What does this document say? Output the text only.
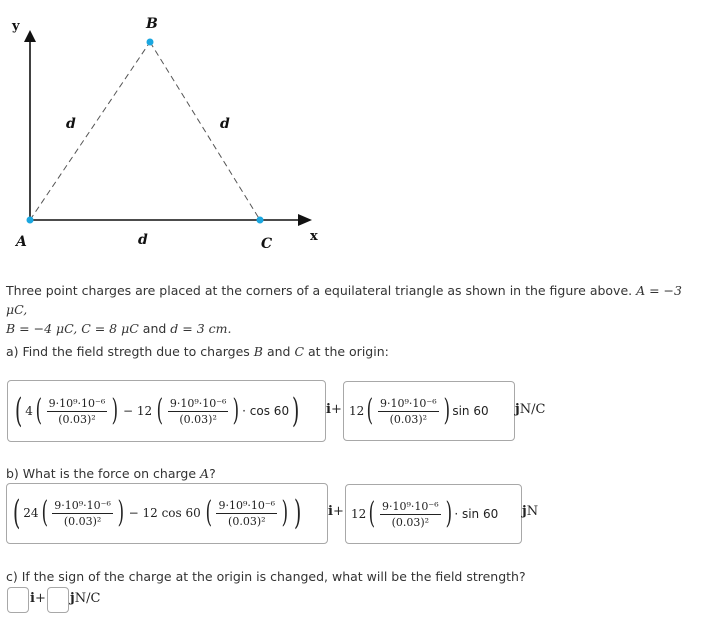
y
x
B
A	C
d	d
d
Three point charges are placed at the corners of a equilateral triangle as shown in the figure above. A = −3 μC,
B = −4 μC, C = 8 μC and d = 3 cm.
a) Find the field stregth due to charges B and C at the origin:
( 4 ( $\frac{\text{9·10⁹·10⁻⁶}}{\text{(0.03)²}}$ ) − 12 ( $\frac{\text{9·10⁹·10⁻⁶}}{\text{(0.03)²}}$ ) · cos 60 ) i+ 12 ( $\frac{\text{9·10⁹·10⁻⁶}}{\text{(0.03)²}}$ ) sin 60 jN/C
b) What is the force on charge A?
( 24 ( $\frac{\text{9·10⁹·10⁻⁶}}{\text{(0.03)²}}$ ) − 12 cos 60 ( $\frac{\text{9·10⁹·10⁻⁶}}{\text{(0.03)²}}$ ) ) i+ 12 ( $\frac{\text{9·10⁹·10⁻⁶}}{\text{(0.03)²}}$ ) · sin 60 jN
c) If the sign of the charge at the origin is changed, what will be the field strength?
i+ jN/C
